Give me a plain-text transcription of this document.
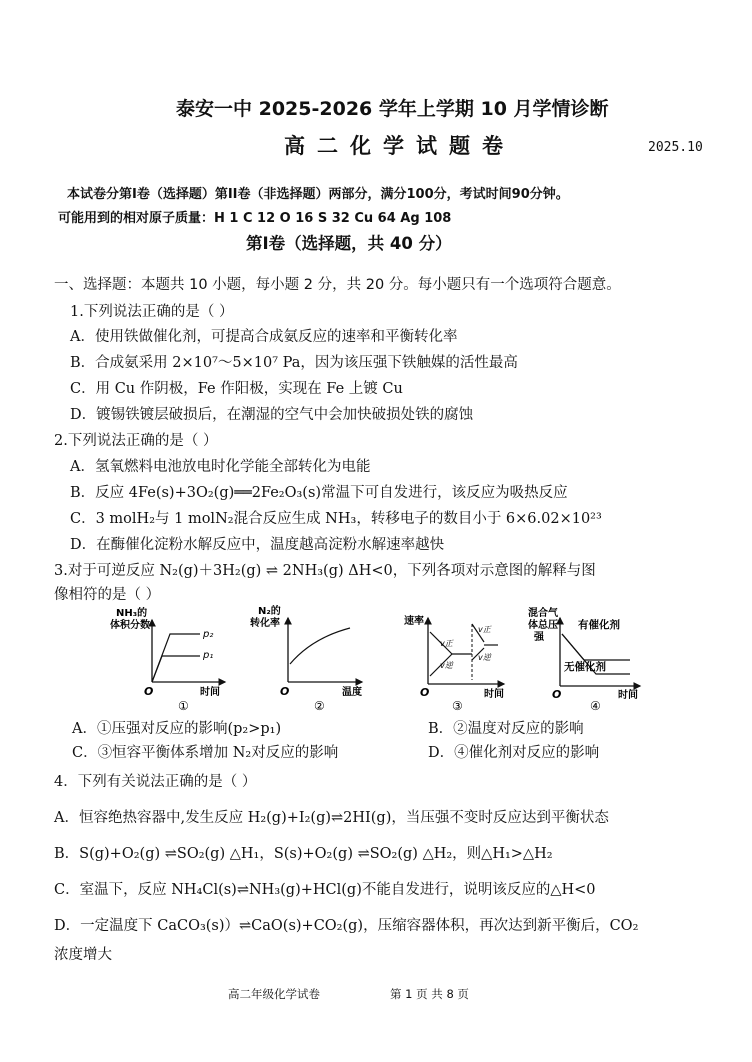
泰安一中 2025-2026 学年上学期 10 月学情诊断
高二化学试题卷	2025.10
本试卷分第Ⅰ卷（选择题）第II卷（非选择题）两部分，满分100分，考试时间90分钟。
可能用到的相对原子质量：H 1 C 12 O 16 S 32 Cu 64 Ag 108
第Ⅰ卷（选择题，共 40 分）
一、选择题：本题共 10 小题，每小题 2 分，共 20 分。每小题只有一个选项符合题意。
1.下列说法正确的是（ ）
A．使用铁做催化剂，可提高合成氨反应的速率和平衡转化率
B．合成氨采用 2×10⁷～5×10⁷ Pa，因为该压强下铁触媒的活性最高
C．用 Cu 作阴极，Fe 作阳极，实现在 Fe 上镀 Cu
D．镀锡铁镀层破损后，在潮湿的空气中会加快破损处铁的腐蚀
2.下列说法正确的是（ ）
A．氢氧燃料电池放电时化学能全部转化为电能
B．反应 4Fe(s)+3O₂(g)══2Fe₂O₃(s)常温下可自发进行，该反应为吸热反应
C．3 molH₂与 1 molN₂混合反应生成 NH₃，转移电子的数目小于 6×6.02×10²³
D．在酶催化淀粉水解反应中，温度越高淀粉水解速率越快
3.对于可逆反应 N₂(g)＋3H₂(g) ⇌ 2NH₃(g) ΔH<0，下列各项对示意图的解释与图
像相符的是（ ）
NH₃的
体积分数
p₂
p₁
O	时间
①
N₂的
转化率
O	温度
②
速率
v正
v正
v逆
v逆
O	时间
③
混合气
体总压
强
有催化剂
无催化剂
O	时间
④
A．①压强对反应的影响(p₂>p₁)	B．②温度对反应的影响
C．③恒容平衡体系增加 N₂对反应的影响	D．④催化剂对反应的影响
4．下列有关说法正确的是（ ）
A．恒容绝热容器中,发生反应 H₂(g)+I₂(g)⇌2HI(g)，当压强不变时反应达到平衡状态
B．S(g)+O₂(g) ⇌SO₂(g) △H₁，S(s)+O₂(g) ⇌SO₂(g) △H₂，则△H₁>△H₂
C．室温下，反应 NH₄Cl(s)⇌NH₃(g)+HCl(g)不能自发进行，说明该反应的△H<0
D．一定温度下 CaCO₃(s)）⇌CaO(s)+CO₂(g)，压缩容器体积，再次达到新平衡后，CO₂
浓度增大
高二年级化学试卷	第 1 页 共 8 页
